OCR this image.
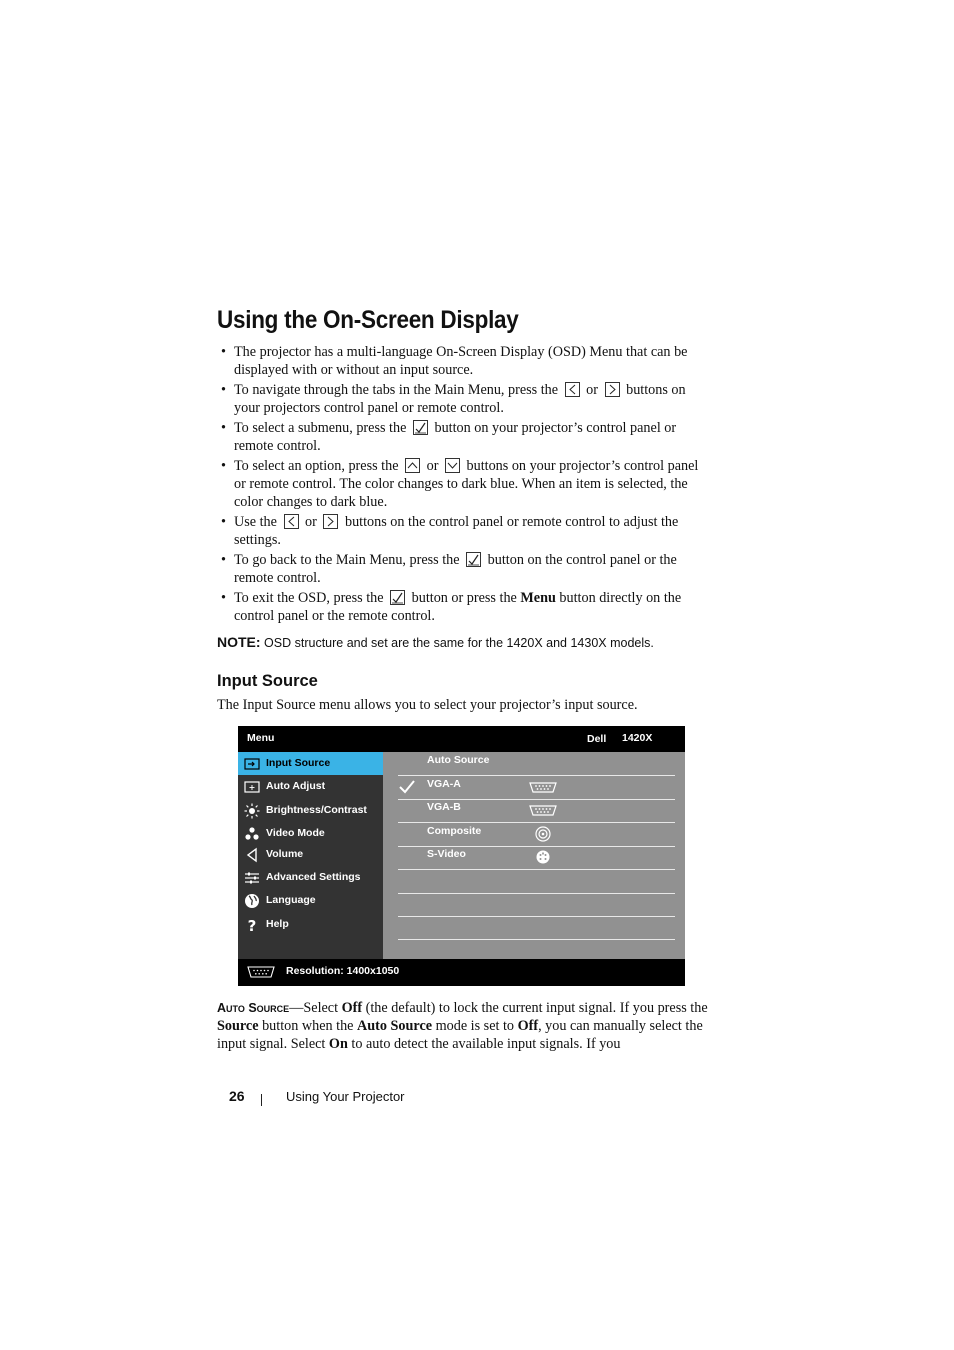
Using the On-Screen Display
• The projector has a multi-language On-Screen Display (OSD) Menu that can be displayed with or without an input source.
• To navigate through the tabs in the Main Menu, press the or buttons on your projectors control panel or remote control.
• To select a submenu, press the button on your projector’s control panel or remote control.
• To select an option, press the or buttons on your projector’s control panel or remote control. The color changes to dark blue. When an item is selected, the color changes to dark blue.
• Use the or buttons on the control panel or remote control to adjust the settings.
• To go back to the Main Menu, press the button on the control panel or the remote control.
• To exit the OSD, press the button or press the Menu button directly on the control panel or the remote control.
NOTE: OSD structure and set are the same for the 1420X and 1430X models.
Input Source
The Input Source menu allows you to select your projector’s input source.
Menu	Dell 1420X
Input Source
+ Auto Adjust
Brightness/Contrast
Video Mode
Volume
Advanced Settings
Language
? Help
Auto Source
VGA-A
VGA-B
Composite
S-Video
Resolution: 1400x1050
Auto Source—Select Off (the default) to lock the current input signal. If you press the Source button when the Auto Source mode is set to Off, you can manually select the input signal. Select On to auto detect the available input signals. If you
26	Using Your Projector
